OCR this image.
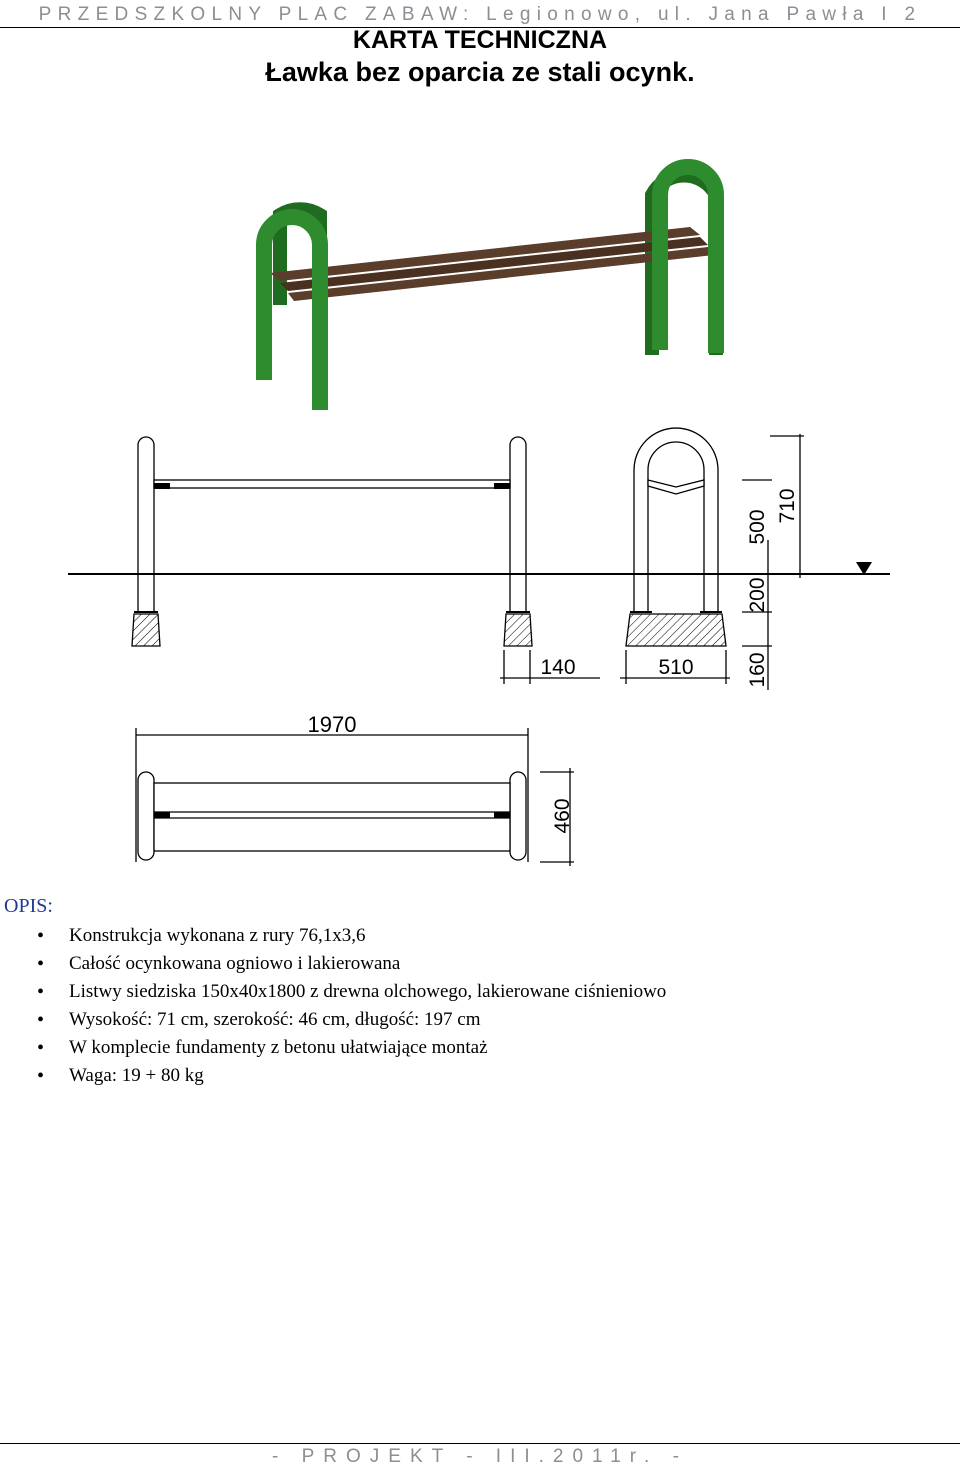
PRZEDSZKOLNY PLAC ZABAW: Legionowo, ul. Jana Pawła I 2
KARTA TECHNICZNA
Ławka bez oparcia ze stali ocynk.
1970
140	510 160
200
500
710
460
OPIS:
• Konstrukcja wykonana z rury 76,1x3,6
• Całość ocynkowana ogniowo i lakierowana
• Listwy siedziska 150x40x1800 z drewna olchowego, lakierowane ciśnieniowo
• Wysokość: 71 cm, szerokość: 46 cm, długość: 197 cm
• W komplecie fundamenty z betonu ułatwiające montaż
• Waga: 19 + 80 kg
- PROJEKT - III.2011r. -
